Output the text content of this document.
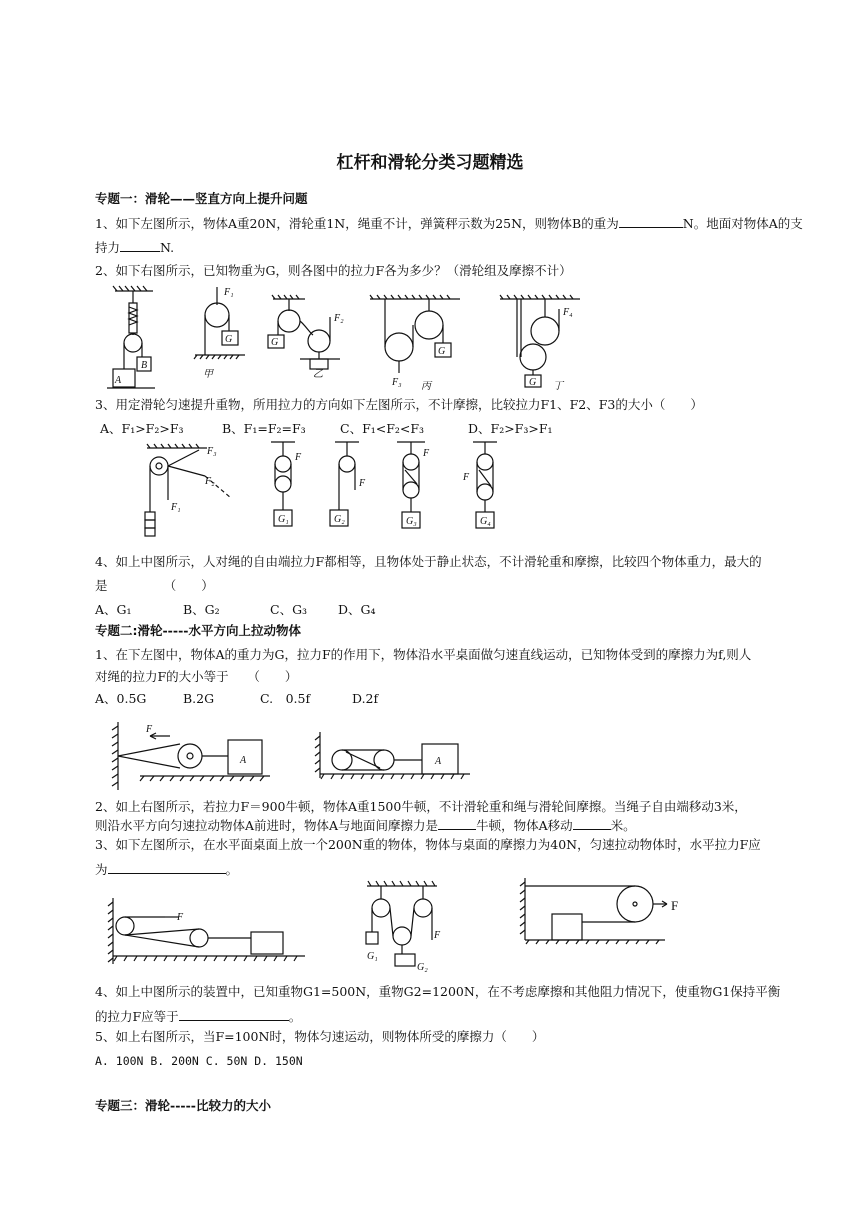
杠杆和滑轮分类习题精选
专题一：滑轮——竖直方向上提升问题
1、如下左图所示，物体A重20N，滑轮重1N，绳重不计，弹簧秤示数为25N，则物体B的重为	N。地面对物体A的支
持力	N.
2、如下右图所示，已知物重为G，则各图中的拉力F各为多少？（滑轮组及摩擦不计）
A
B
G
F₁
甲
G
F₂
乙
G
F₃ 丙	G
F₄
丁
3、用定滑轮匀速提升重物，所用拉力的方向如下左图所示，不计摩擦，比较拉力F1、F2、F3的大小（　　）
A、F₁>F₂>F₃	B、F₁=F₂=F₃	C、F₁<F₂<F₃	D、F₂>F₃>F₁
F₃
F₂
F₁
G₁
F
G₂
F
G₃
F
G₄
F
4、如上中图所示，人对绳的自由端拉力F都相等，且物体处于静止状态，不计滑轮重和摩擦，比较四个物体重力，最大的
是　　　　　（　　）
A、G₁	B、G₂	C、G₃ D、G₄
专题二:滑轮-----水平方向上拉动物体
1、在下左图中，物体A的重力为G，拉力F的作用下，物体沿水平桌面做匀速直线运动，已知物体受到的摩擦力为f,则人
对绳的拉力F的大小等于　　（　　）
A、0.5G	B.2G	C.　0.5f	D.2f
F
A	A
2、如上右图所示，若拉力F＝900牛顿，物体A重1500牛顿，不计滑轮重和绳与滑轮间摩擦。当绳子自由端移动3米，
则沿水平方向匀速拉动物体A前进时，物体A与地面间摩擦力是	牛顿，物体A移动	米。
3、如下左图所示，在水平面桌面上放一个200N重的物体，物体与桌面的摩擦力为40N，匀速拉动物体时，水平拉力F应
为	。
F
G₁
G₂
F
F
4、如上中图所示的装置中，已知重物G1=500N，重物G2=1200N，在不考虑摩擦和其他阻力情况下，使重物G1保持平衡
的拉力F应等于	。
5、如上右图所示，当F=100N时，物体匀速运动，则物体所受的摩擦力（　　）
A. 100N B. 200N C. 50N D. 150N
专题三：滑轮-----比较力的大小
